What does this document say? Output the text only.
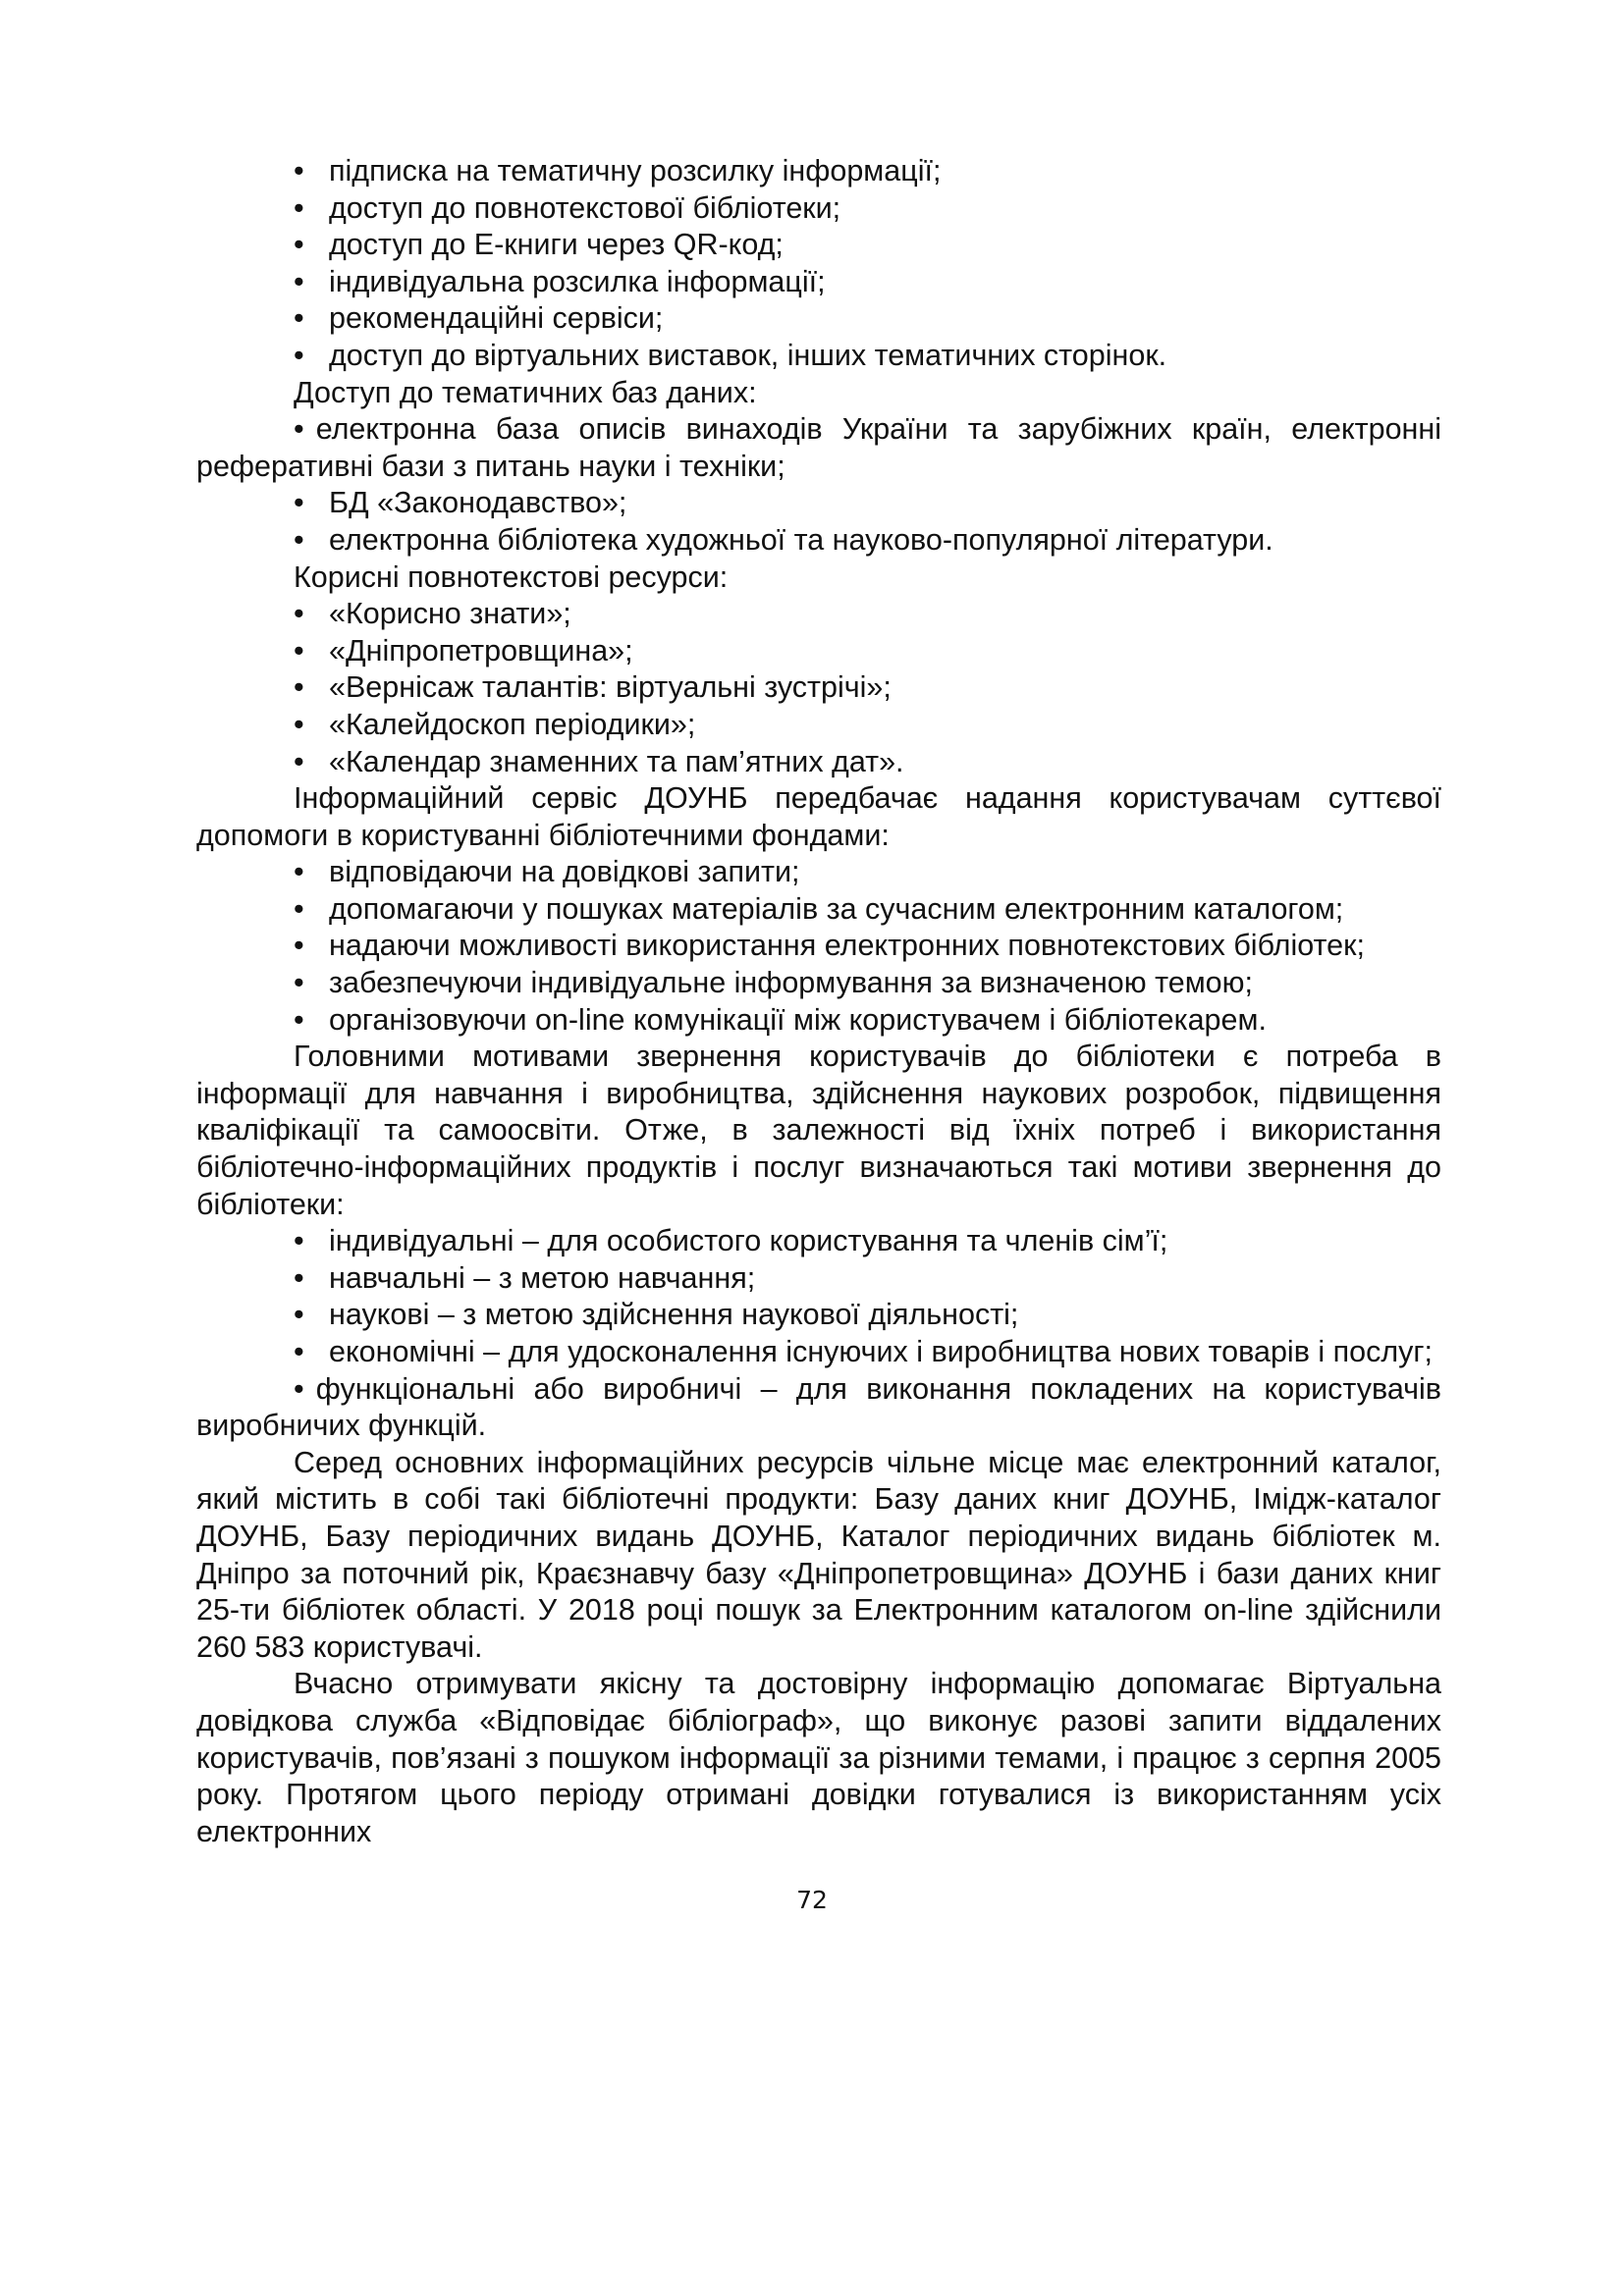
• підписка на тематичну розсилку інформації;
• доступ до повнотекстової бібліотеки;
• доступ до Е-книги через QR-код;
• індивідуальна розсилка інформації;
• рекомендаційні сервіси;
• доступ до віртуальних виставок, інших тематичних сторінок.
Доступ до тематичних баз даних:
• електронна база описів винаходів України та зарубіжних країн, електронні реферативні бази з питань науки і техніки;
• БД «Законодавство»;
• електронна бібліотека художньої та науково-популярної літератури.
Корисні повнотекстові ресурси:
• «Корисно знати»;
• «Дніпропетровщина»;
• «Вернісаж талантів: віртуальні зустрічі»;
• «Калейдоскоп періодики»;
• «Календар знаменних та пам’ятних дат».
Інформаційний сервіс ДОУНБ передбачає надання користувачам суттєвої допомоги в користуванні бібліотечними фондами:
• відповідаючи на довідкові запити;
• допомагаючи у пошуках матеріалів за сучасним електронним каталогом;
• надаючи можливості використання електронних повнотекстових бібліотек;
• забезпечуючи індивідуальне інформування за визначеною темою;
• організовуючи on-line комунікації між користувачем і бібліотекарем.
Головними мотивами звернення користувачів до бібліотеки є потреба в інформації для навчання і виробництва, здійснення наукових розробок, підвищення кваліфікації та самоосвіти. Отже, в залежності від їхніх потреб і використання бібліотечно-інформаційних продуктів і послуг визначаються такі мотиви звернення до бібліотеки:
• індивідуальні – для особистого користування та членів сім’ї;
• навчальні – з метою навчання;
• наукові – з метою здійснення наукової діяльності;
• економічні – для удосконалення існуючих і виробництва нових товарів і послуг;
• функціональні або виробничі – для виконання покладених на користувачів виробничих функцій.
Серед основних інформаційних ресурсів чільне місце має електронний каталог, який містить в собі такі бібліотечні продукти: Базу даних книг ДОУНБ, Імідж-каталог ДОУНБ, Базу періодичних видань ДОУНБ, Каталог періодичних видань бібліотек м. Дніпро за поточний рік, Краєзнавчу базу «Дніпропетровщина» ДОУНБ і бази даних книг 25-ти бібліотек області. У 2018 році пошук за Електронним каталогом on-line здійснили 260 583 користувачі.
Вчасно отримувати якісну та достовірну інформацію допомагає Віртуальна довідкова служба «Відповідає бібліограф», що виконує разові запити віддалених користувачів, пов’язані з пошуком інформації за різними темами, і працює з серпня 2005 року. Протягом цього періоду отримані довідки готувалися із використанням усіх електронних
72
